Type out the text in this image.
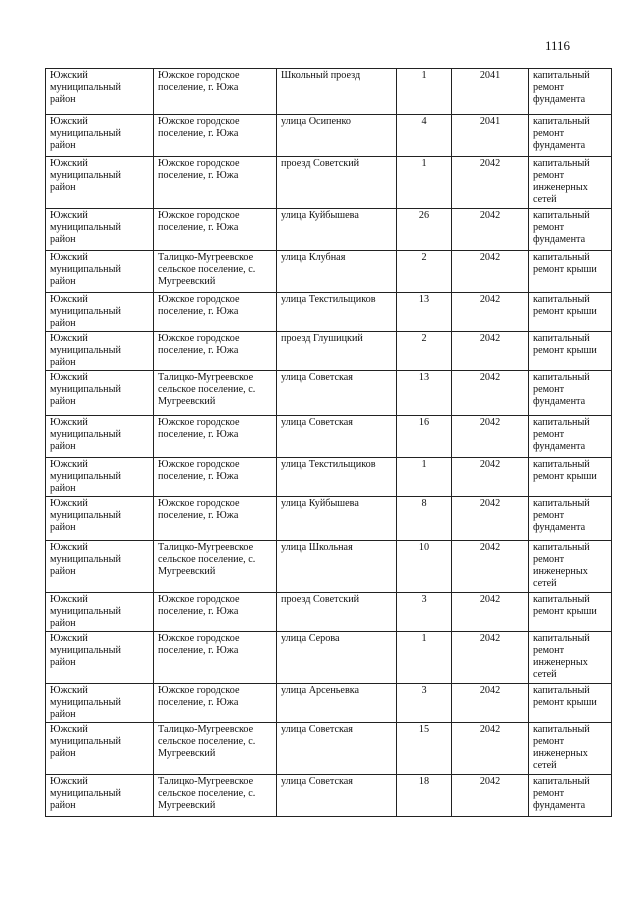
1116
Южский муниципальный район	Южское городское поселение, г. Южа	Школьный проезд	1	2041	капитальный ремонт фундамента
Южский муниципальный район	Южское городское поселение, г. Южа	улица Осипенко	4	2041	капитальный ремонт фундамента
Южский муниципальный район	Южское городское поселение, г. Южа	проезд Советский	1	2042	капитальный ремонт инженерных сетей
Южский муниципальный район	Южское городское поселение, г. Южа	улица Куйбышева	26	2042	капитальный ремонт фундамента
Южский муниципальный район	Талицко-Мугреевское сельское поселение, с. Мугреевский	улица Клубная	2	2042	капитальный ремонт крыши
Южский муниципальный район	Южское городское поселение, г. Южа	улица Текстильщиков	13	2042	капитальный ремонт крыши
Южский муниципальный район	Южское городское поселение, г. Южа	проезд Глушицкий	2	2042	капитальный ремонт крыши
Южский муниципальный район	Талицко-Мугреевское сельское поселение, с. Мугреевский	улица Советская	13	2042	капитальный ремонт фундамента
Южский муниципальный район	Южское городское поселение, г. Южа	улица Советская	16	2042	капитальный ремонт фундамента
Южский муниципальный район	Южское городское поселение, г. Южа	улица Текстильщиков	1	2042	капитальный ремонт крыши
Южский муниципальный район	Южское городское поселение, г. Южа	улица Куйбышева	8	2042	капитальный ремонт фундамента
Южский муниципальный район	Талицко-Мугреевское сельское поселение, с. Мугреевский	улица Школьная	10	2042	капитальный ремонт инженерных сетей
Южский муниципальный район	Южское городское поселение, г. Южа	проезд Советский	3	2042	капитальный ремонт крыши
Южский муниципальный район	Южское городское поселение, г. Южа	улица Серова	1	2042	капитальный ремонт инженерных сетей
Южский муниципальный район	Южское городское поселение, г. Южа	улица Арсеньевка	3	2042	капитальный ремонт крыши
Южский муниципальный район	Талицко-Мугреевское сельское поселение, с. Мугреевский	улица Советская	15	2042	капитальный ремонт инженерных сетей
Южский муниципальный район	Талицко-Мугреевское сельское поселение, с. Мугреевский	улица Советская	18	2042	капитальный ремонт фундамента
